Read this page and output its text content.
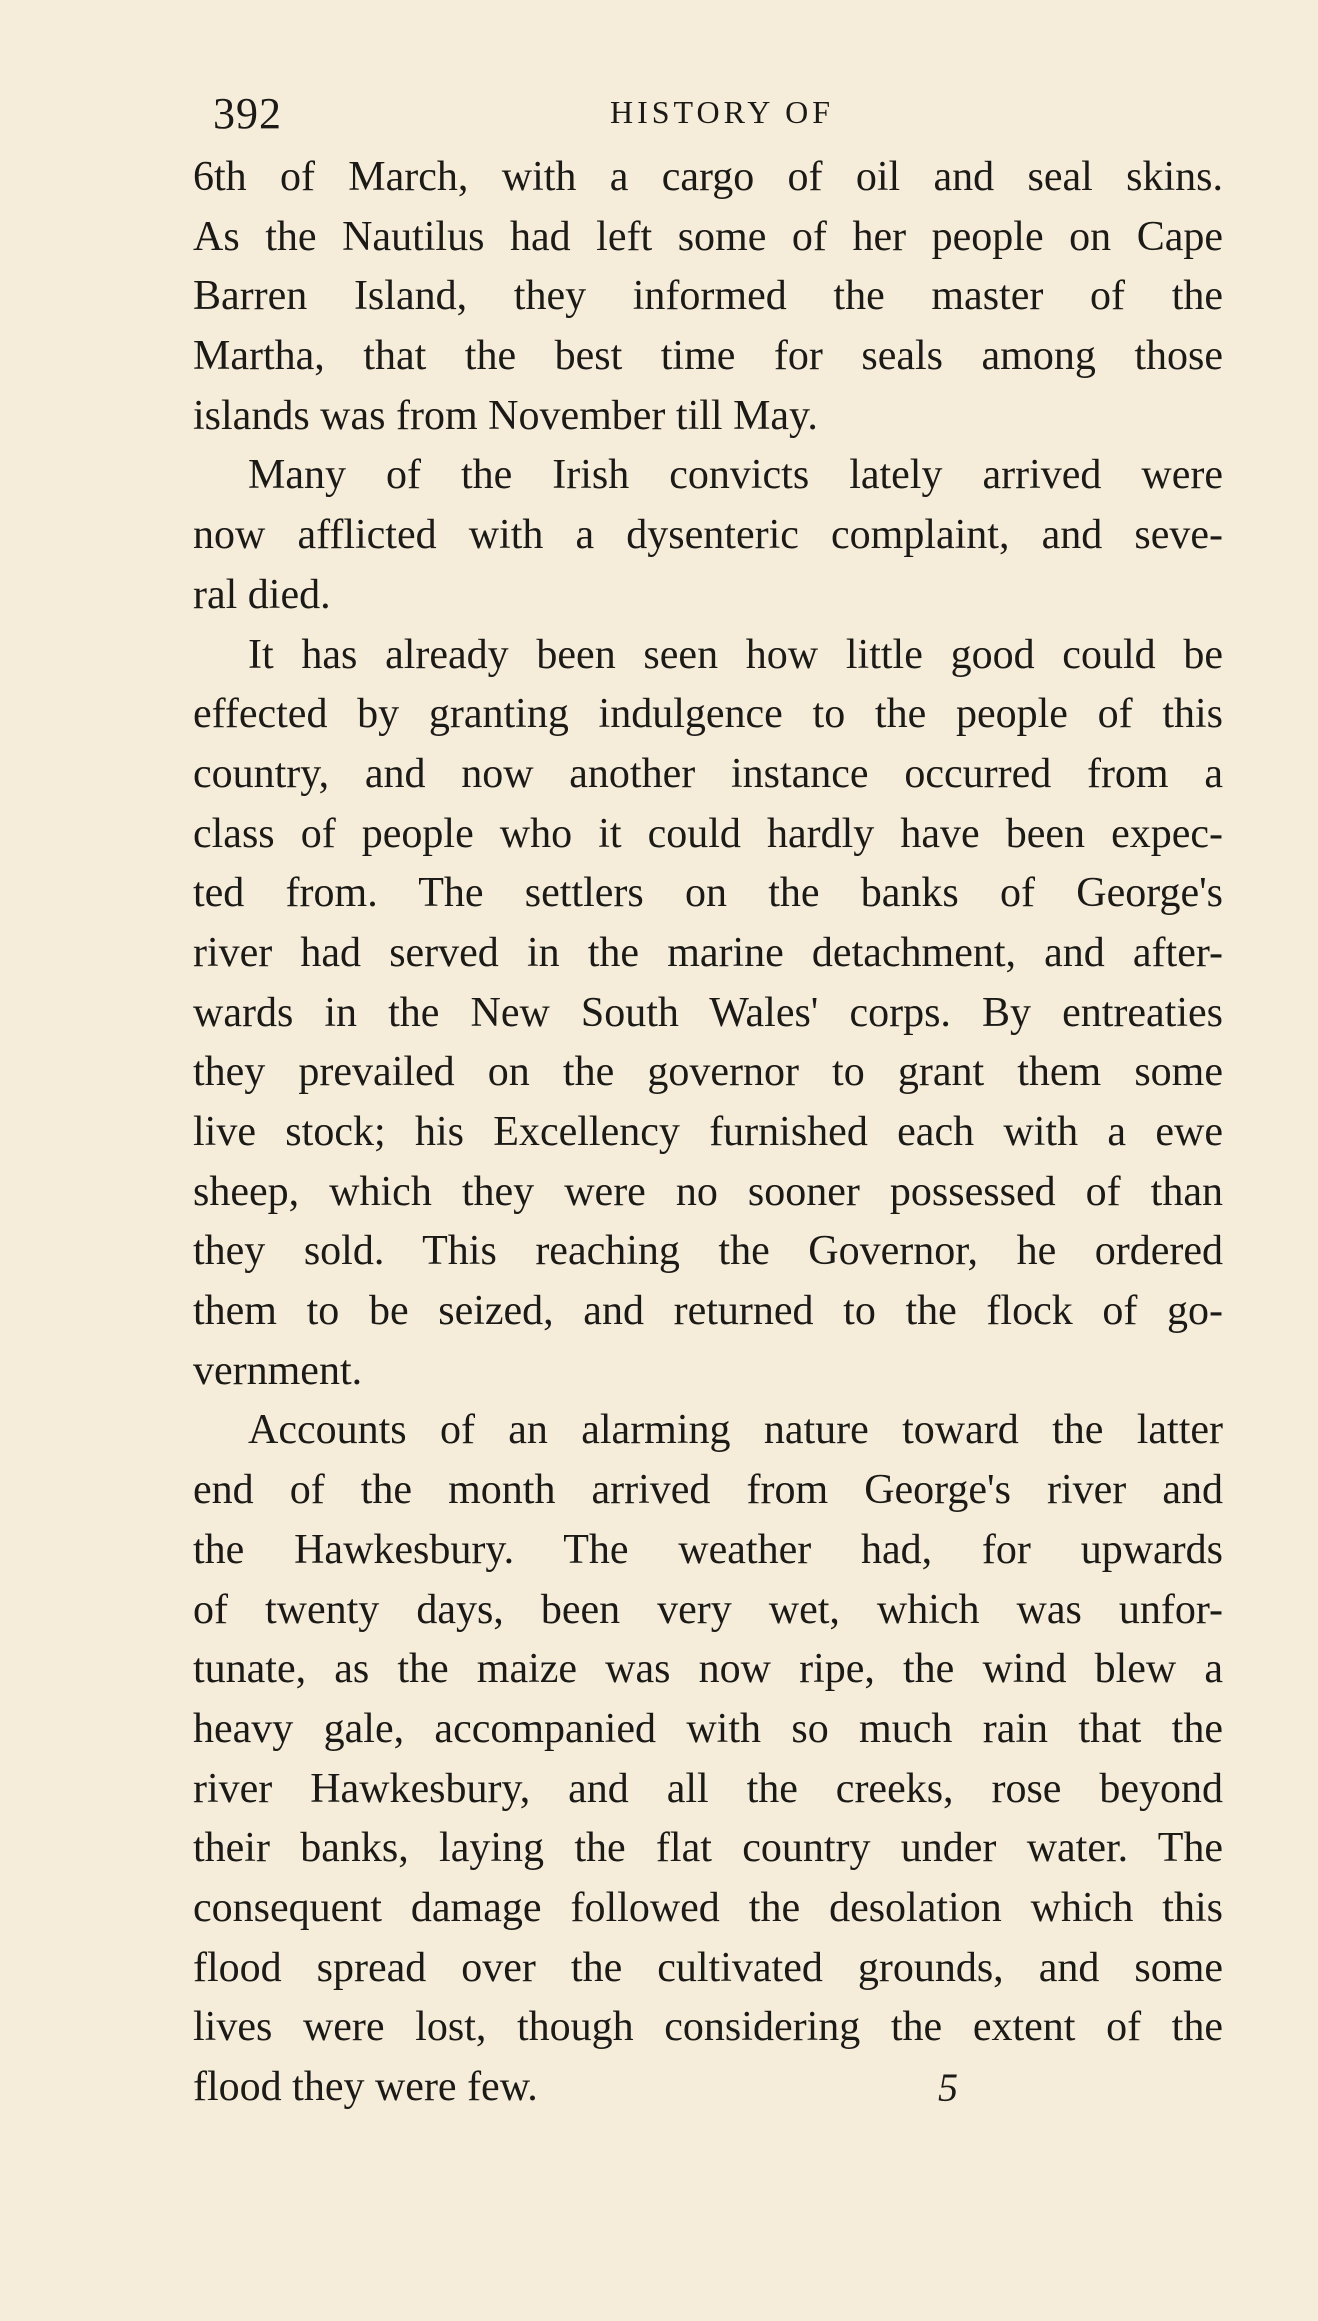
392	HISTORY OF

6th of March, with a cargo of oil and seal skins.
As the Nautilus had left some of her people on Cape
Barren Island, they informed the master of the
Martha, that the best time for seals among those
islands was from November till May.

Many of the Irish convicts lately arrived were
now afflicted with a dysenteric complaint, and seve-
ral died.

It has already been seen how little good could be
effected by granting indulgence to the people of this
country, and now another instance occurred from a
class of people who it could hardly have been expec-
ted from. The settlers on the banks of George's
river had served in the marine detachment, and after-
wards in the New South Wales' corps. By entreaties
they prevailed on the governor to grant them some
live stock; his Excellency furnished each with a ewe
sheep, which they were no sooner possessed of than
they sold. This reaching the Governor, he ordered
them to be seized, and returned to the flock of go-
vernment.

Accounts of an alarming nature toward the latter
end of the month arrived from George's river and
the Hawkesbury. The weather had, for upwards
of twenty days, been very wet, which was unfor-
tunate, as the maize was now ripe, the wind blew a
heavy gale, accompanied with so much rain that the
river Hawkesbury, and all the creeks, rose beyond
their banks, laying the flat country under water. The
consequent damage followed the desolation which this
flood spread over the cultivated grounds, and some
lives were lost, though considering the extent of the
flood they were few.	5
